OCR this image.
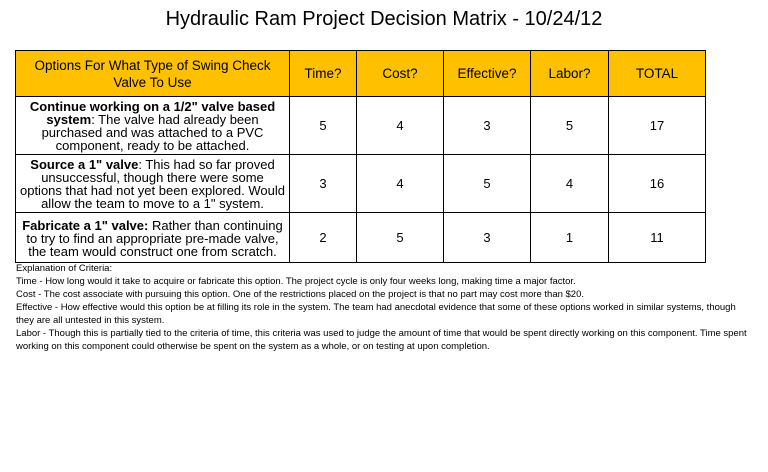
Hydraulic Ram Project Decision Matrix - 10/24/12
Options For What Type of Swing Check
Valve To Use	Time?	Cost?	Effective?	Labor?	TOTAL
Continue working on a 1/2" valve based system: The valve had already been purchased and was attached to a PVC component, ready to be attached.	5	4	3	5	17
Source a 1" valve: This had so far proved unsuccessful, though there were some options that had not yet been explored. Would allow the team to move to a 1" system.	3	4	5	4	16
Fabricate a 1" valve: Rather than continuing to try to find an appropriate pre-made valve, the team would construct one from scratch.	2	5	3	1	11
Explanation of Criteria:
Time - How long would it take to acquire or fabricate this option. The project cycle is only four weeks long, making time a major factor.
Cost - The cost associate with pursuing this option. One of the restrictions placed on the project is that no part may cost more than $20.
Effective - How effective would this option be at filling its role in the system. The team had anecdotal evidence that some of these options worked in similar systems, though they are all untested in this system.
Labor - Though this is partially tied to the criteria of time, this criteria was used to judge the amount of time that would be spent directly working on this component. Time spent working on this component could otherwise be spent on the system as a whole, or on testing at upon completion.
